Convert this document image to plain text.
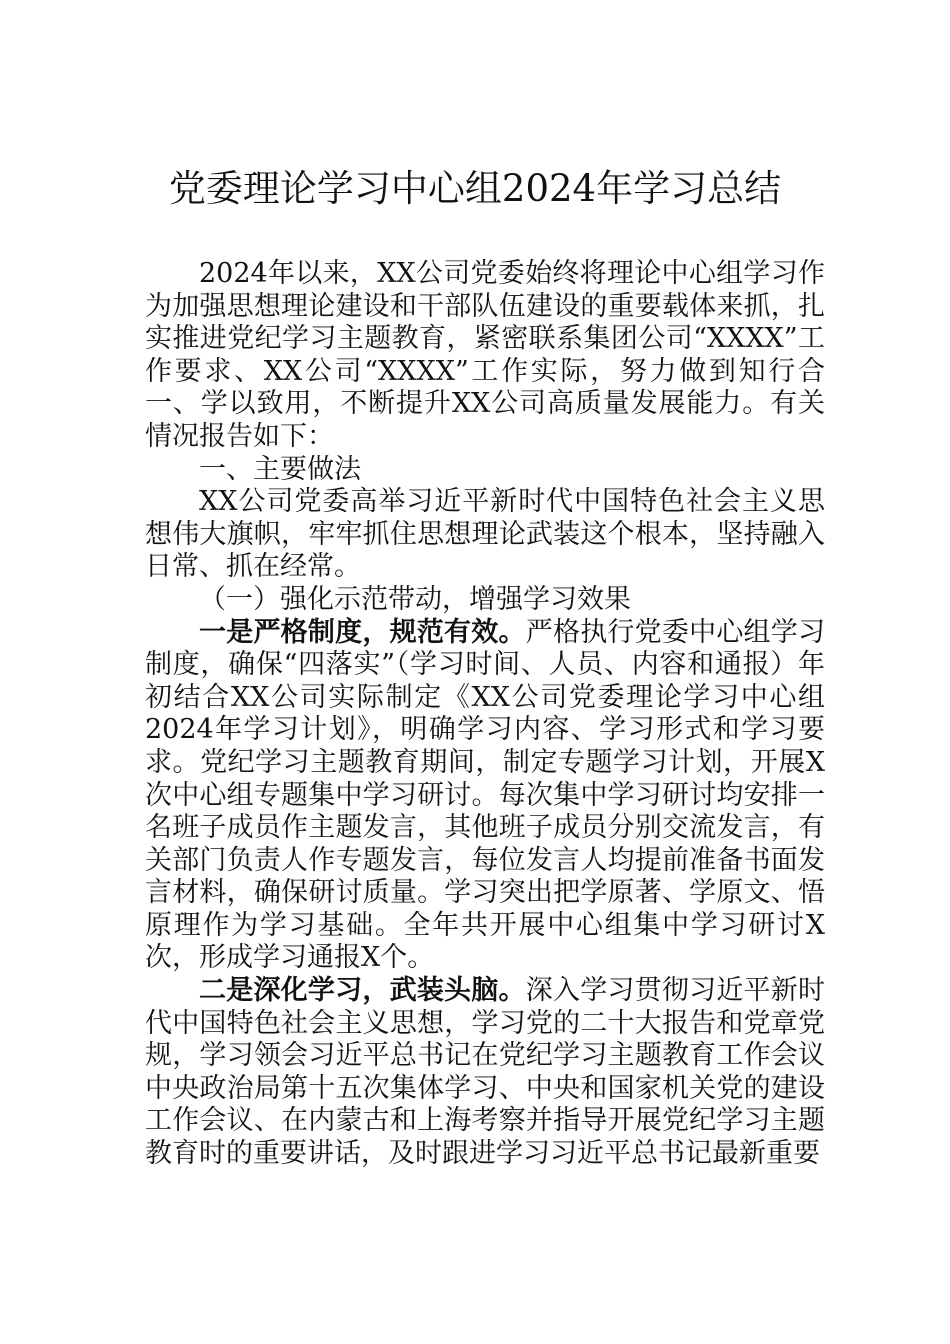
党委理论学习中心组2024年学习总结

2024年以来，XX公司党委始终将理论中心组学习作为加强思想理论建设和干部队伍建设的重要载体来抓，扎实推进党纪学习主题教育，紧密联系集团公司“XXXX”工作要求、XX公司“XXXX”工作实际，努力做到知行合一、学以致用，不断提升XX公司高质量发展能力。有关情况报告如下：

一、主要做法

XX公司党委高举习近平新时代中国特色社会主义思想伟大旗帜，牢牢抓住思想理论武装这个根本，坚持融入日常、抓在经常。

（一）强化示范带动，增强学习效果

一是严格制度，规范有效。严格执行党委中心组学习制度，确保“四落实”（学习时间、人员、内容和通报）年初结合XX公司实际制定《XX公司党委理论学习中心组2024年学习计划》，明确学习内容、学习形式和学习要求。党纪学习主题教育期间，制定专题学习计划，开展X次中心组专题集中学习研讨。每次集中学习研讨均安排一名班子成员作主题发言，其他班子成员分别交流发言，有关部门负责人作专题发言，每位发言人均提前准备书面发言材料，确保研讨质量。学习突出把学原著、学原文、悟原理作为学习基础。全年共开展中心组集中学习研讨X次，形成学习通报X个。

二是深化学习，武装头脑。深入学习贯彻习近平新时代中国特色社会主义思想，学习党的二十大报告和党章党规，学习领会习近平总书记在党纪学习主题教育工作会议中央政治局第十五次集体学习、中央和国家机关党的建设工作会议、在内蒙古和上海考察并指导开展党纪学习主题教育时的重要讲话，及时跟进学习习近平总书记最新重要
